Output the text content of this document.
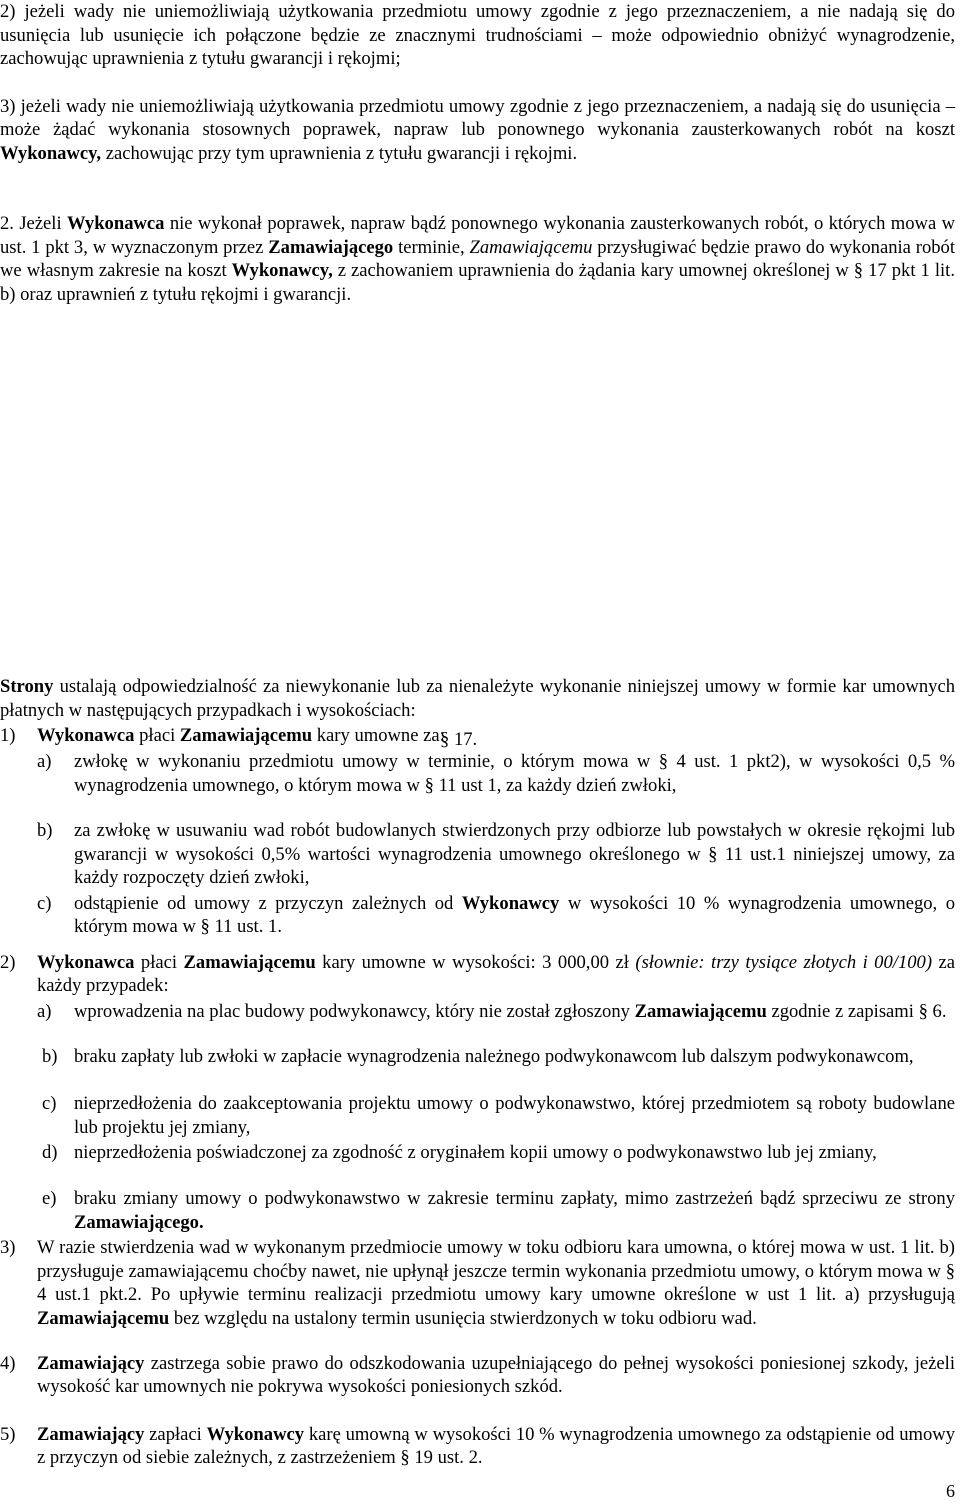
2) jeżeli wady nie uniemożliwiają użytkowania przedmiotu umowy zgodnie z jego przeznaczeniem, a nie nadają się do usunięcia lub usunięcie ich połączone będzie ze znacznymi trudnościami – może odpowiednio obniżyć wynagrodzenie, zachowując uprawnienia z tytułu gwarancji i rękojmi;
3) jeżeli wady nie uniemożliwiają użytkowania przedmiotu umowy zgodnie z jego przeznaczeniem, a nadają się do usunięcia – może żądać wykonania stosownych poprawek, napraw lub ponownego wykonania zausterkowanych robót na koszt Wykonawcy, zachowując przy tym uprawnienia z tytułu gwarancji i rękojmi.
2. Jeżeli Wykonawca nie wykonał poprawek, napraw bądź ponownego wykonania zausterkowanych robót, o których mowa w ust. 1 pkt 3, w wyznaczonym przez Zamawiającego terminie, Zamawiającemu przysługiwać będzie prawo do wykonania robót we własnym zakresie na koszt Wykonawcy, z zachowaniem uprawnienia do żądania kary umownej określonej w § 17 pkt 1 lit. b) oraz uprawnień z tytułu rękojmi i gwarancji.
§ 17.
Strony ustalają odpowiedzialność za niewykonanie lub za nienależyte wykonanie niniejszej umowy w formie kar umownych płatnych w następujących przypadkach i wysokościach:
1)	Wykonawca płaci Zamawiającemu kary umowne za:
a)	zwłokę w wykonaniu przedmiotu umowy w terminie, o którym mowa w § 4 ust. 1 pkt2), w wysokości 0,5 % wynagrodzenia umownego, o którym mowa w § 11 ust 1, za każdy dzień zwłoki,
b)	za zwłokę w usuwaniu wad robót budowlanych stwierdzonych przy odbiorze lub powstałych w okresie rękojmi lub gwarancji w wysokości 0,5% wartości wynagrodzenia umownego określonego w § 11 ust.1 niniejszej umowy, za każdy rozpoczęty dzień zwłoki,
c)	odstąpienie od umowy z przyczyn zależnych od Wykonawcy w wysokości 10 % wynagrodzenia umownego, o którym mowa w § 11 ust. 1.
2)	Wykonawca płaci Zamawiającemu kary umowne w wysokości: 3 000,00 zł (słownie: trzy tysiące złotych i 00/100) za każdy przypadek:
a)	wprowadzenia na plac budowy podwykonawcy, który nie został zgłoszony Zamawiającemu zgodnie z zapisami § 6.
b) braku zapłaty lub zwłoki w zapłacie wynagrodzenia należnego podwykonawcom lub dalszym podwykonawcom,
c) nieprzedłożenia do zaakceptowania projektu umowy o podwykonawstwo, której przedmiotem są roboty budowlane lub projektu jej zmiany,
d) nieprzedłożenia poświadczonej za zgodność z oryginałem kopii umowy o podwykonawstwo lub jej zmiany,
e) braku zmiany umowy o podwykonawstwo w zakresie terminu zapłaty, mimo zastrzeżeń bądź sprzeciwu ze strony Zamawiającego.
3)	W razie stwierdzenia wad w wykonanym przedmiocie umowy w toku odbioru kara umowna, o której mowa w ust. 1 lit. b) przysługuje zamawiającemu choćby nawet, nie upłynął jeszcze termin wykonania przedmiotu umowy, o którym mowa w § 4 ust.1 pkt.2. Po upływie terminu realizacji przedmiotu umowy kary umowne określone w ust 1 lit. a) przysługują Zamawiającemu bez względu na ustalony termin usunięcia stwierdzonych w toku odbioru wad.
4)	Zamawiający zastrzega sobie prawo do odszkodowania uzupełniającego do pełnej wysokości poniesionej szkody, jeżeli wysokość kar umownych nie pokrywa wysokości poniesionych szkód.
5)	Zamawiający zapłaci Wykonawcy karę umowną w wysokości 10 % wynagrodzenia umownego za odstąpienie od umowy z przyczyn od siebie zależnych, z zastrzeżeniem § 19 ust. 2.
6
